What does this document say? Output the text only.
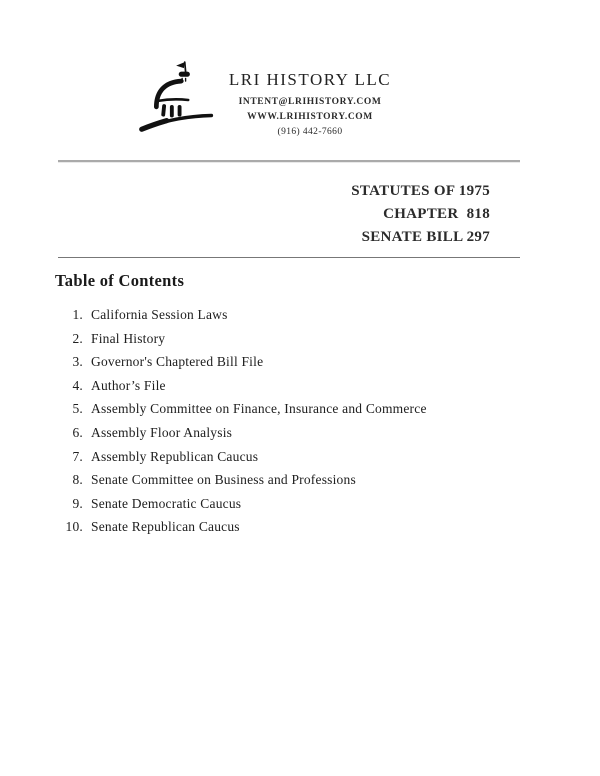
LRI HISTORY LLC
INTENT@LRIHISTORY.COM
WWW.LRIHISTORY.COM
(916) 442-7660
STATUTES OF 1975
CHAPTER  818
SENATE BILL 297
Table of Contents
1. California Session Laws
2. Final History
3. Governor's Chaptered Bill File
4. Author’s File
5. Assembly Committee on Finance, Insurance and Commerce
6. Assembly Floor Analysis
7. Assembly Republican Caucus
8. Senate Committee on Business and Professions
9. Senate Democratic Caucus
10. Senate Republican Caucus
